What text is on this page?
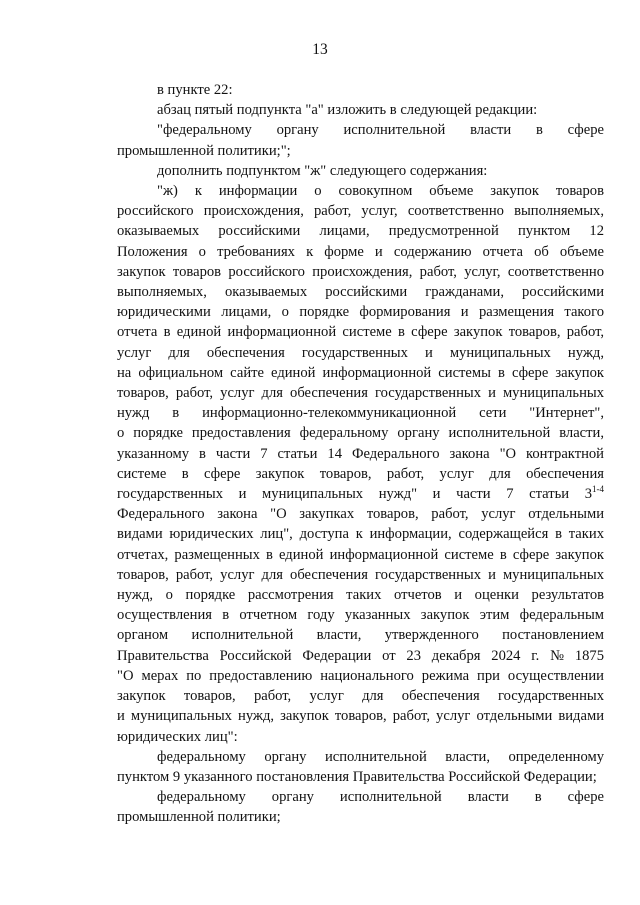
13
в пункте 22:
абзац пятый подпункта "а" изложить в следующей редакции:
"федеральному органу исполнительной власти в сфере
промышленной политики;";
дополнить подпунктом "ж" следующего содержания:
"ж) к информации о совокупном объеме закупок товаров
российского происхождения, работ, услуг, соответственно выполняемых,
оказываемых российскими лицами, предусмотренной пунктом 12
Положения о требованиях к форме и содержанию отчета об объеме
закупок товаров российского происхождения, работ, услуг, соответственно
выполняемых, оказываемых российскими гражданами, российскими
юридическими лицами, о порядке формирования и размещения такого
отчета в единой информационной системе в сфере закупок товаров, работ,
услуг для обеспечения государственных и муниципальных нужд,
на официальном сайте единой информационной системы в сфере закупок
товаров, работ, услуг для обеспечения государственных и муниципальных
нужд в информационно-телекоммуникационной сети "Интернет",
о порядке предоставления федеральному органу исполнительной власти,
указанному в части 7 статьи 14 Федерального закона "О контрактной
системе в сфере закупок товаров, работ, услуг для обеспечения
государственных и муниципальных нужд" и части 7 статьи 3$^{1-4}$
Федерального закона "О закупках товаров, работ, услуг отдельными
видами юридических лиц", доступа к информации, содержащейся в таких
отчетах, размещенных в единой информационной системе в сфере закупок
товаров, работ, услуг для обеспечения государственных и муниципальных
нужд, о порядке рассмотрения таких отчетов и оценки результатов
осуществления в отчетном году указанных закупок этим федеральным
органом исполнительной власти, утвержденного постановлением
Правительства Российской Федерации от 23 декабря 2024 г. № 1875
"О мерах по предоставлению национального режима при осуществлении
закупок товаров, работ, услуг для обеспечения государственных
и муниципальных нужд, закупок товаров, работ, услуг отдельными видами
юридических лиц":
федеральному органу исполнительной власти, определенному
пунктом 9 указанного постановления Правительства Российской Федерации;
федеральному органу исполнительной власти в сфере
промышленной политики;
